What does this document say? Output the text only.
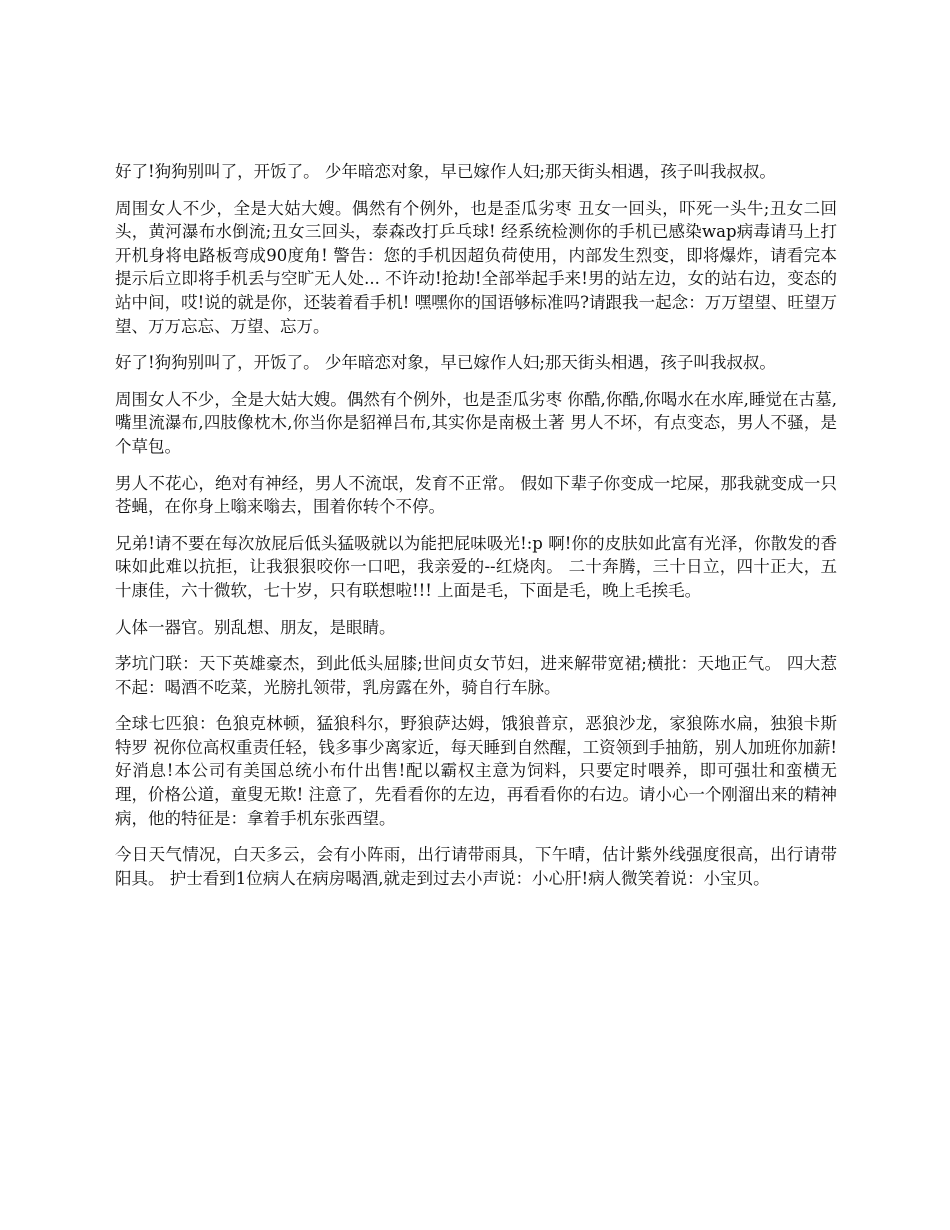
好了!狗狗别叫了，开饭了。 少年暗恋对象，早已嫁作人妇;那天街头相遇，孩子叫我叔叔。

周围女人不少，全是大姑大嫂。偶然有个例外，也是歪瓜劣枣 丑女一回头，吓死一头牛;丑女二回头，黄河瀑布水倒流;丑女三回头，泰森改打乒乓球! 经系统检测你的手机已感染wap病毒请马上打开机身将电路板弯成90度角! 警告：您的手机因超负荷使用，内部发生烈变，即将爆炸，请看完本提示后立即将手机丢与空旷无人处... 不许动!抢劫!全部举起手来!男的站左边，女的站右边，变态的站中间，哎!说的就是你，还装着看手机! 嘿嘿你的国语够标准吗?请跟我一起念：万万望望、旺望万望、万万忘忘、万望、忘万。

好了!狗狗别叫了，开饭了。 少年暗恋对象，早已嫁作人妇;那天街头相遇，孩子叫我叔叔。

周围女人不少，全是大姑大嫂。偶然有个例外，也是歪瓜劣枣 你酷,你酷,你喝水在水库,睡觉在古墓,嘴里流瀑布,四肢像枕木,你当你是貂禅吕布,其实你是南极土著 男人不坏，有点变态，男人不骚，是个草包。

男人不花心，绝对有神经，男人不流氓，发育不正常。 假如下辈子你变成一坨屎，那我就变成一只苍蝇，在你身上嗡来嗡去，围着你转个不停。

兄弟!请不要在每次放屁后低头猛吸就以为能把屁味吸光!:p 啊!你的皮肤如此富有光泽，你散发的香味如此难以抗拒，让我狠狠咬你一口吧，我亲爱的--红烧肉。 二十奔腾，三十日立，四十正大，五十康佳，六十微软，七十岁，只有联想啦!!! 上面是毛，下面是毛，晚上毛挨毛。

人体一器官。别乱想、朋友，是眼睛。

茅坑门联：天下英雄豪杰，到此低头屈膝;世间贞女节妇，进来解带宽裙;横批：天地正气。 四大惹不起：喝酒不吃菜，光膀扎领带，乳房露在外，骑自行车脉。

全球七匹狼：色狼克林顿，猛狼科尔，野狼萨达姆，饿狼普京，恶狼沙龙，家狼陈水扁，独狼卡斯特罗 祝你位高权重责任轻，钱多事少离家近，每天睡到自然醒，工资领到手抽筋，别人加班你加薪! 好消息!本公司有美国总统小布什出售!配以霸权主意为饲料，只要定时喂养，即可强壮和蛮横无理，价格公道，童叟无欺! 注意了，先看看你的左边，再看看你的右边。请小心一个刚溜出来的精神病，他的特征是：拿着手机东张西望。

今日天气情况，白天多云，会有小阵雨，出行请带雨具，下午晴，估计紫外线强度很高，出行请带阳具。 护士看到1位病人在病房喝酒,就走到过去小声说：小心肝!病人微笑着说：小宝贝。
